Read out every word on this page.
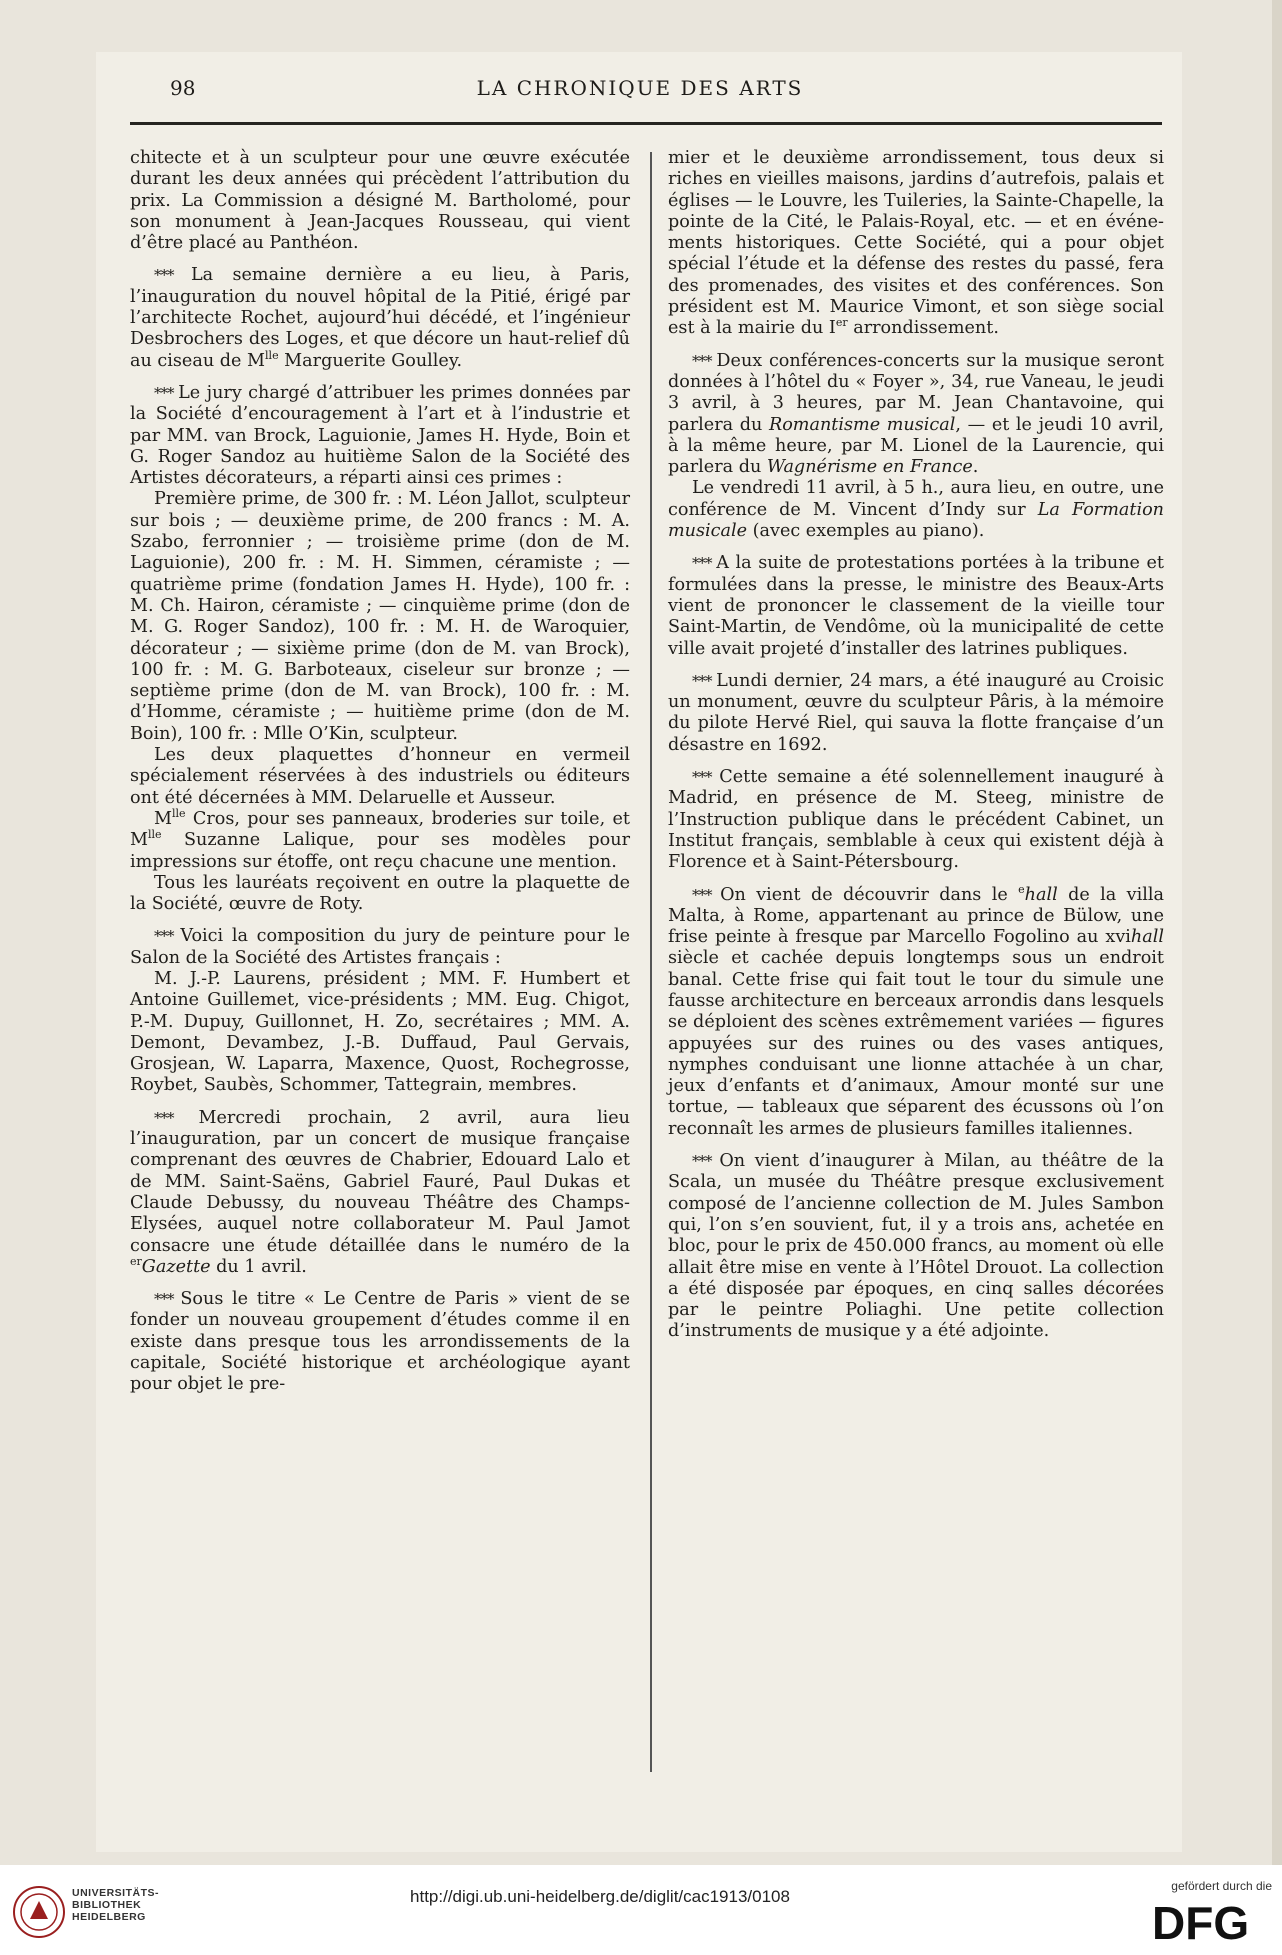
98	LA CHRONIQUE DES ARTS

chitecte et à un sculpteur pour une œuvre exécutée durant les deux années qui précèdent l’attribution du prix. La Commission a désigné M. Bartholomé, pour son monument à Jean-Jacques Rousseau, qui vient d’être placé au Panthéon.

*** La semaine dernière a eu lieu, à Paris, l’inauguration du nouvel hôpital de la Pitié, érigé par l’architecte Rochet, aujourd’hui décédé, et l’ingénieur Desbrochers des Loges, et que décore un haut-relief dû au ciseau de $M^{lle}$ Marguerite Goulley.

*** Le jury chargé d’attribuer les primes données par la Société d’encouragement à l’art et à l’industrie et par MM. van Brock, Laguionie, James H. Hyde, Boin et G. Roger Sandoz au huitième Salon de la Société des Artistes décorateurs, a réparti ainsi ces primes :

Première prime, de 300 fr. : M. Léon Jallot, sculpteur sur bois ; — deuxième prime, de 200 francs : M. A. Szabo, ferronnier ; — troisième prime (don de M. Laguionie), 200 fr. : M. H. Simmen, céramiste ; — quatrième prime (fondation James H. Hyde), 100 fr. : M. Ch. Hairon, céramiste ; — cinquième prime (don de M. G. Roger Sandoz), 100 fr. : M. H. de Waroquier, décorateur ; — sixième prime (don de M. van Brock), 100 fr. : M. G. Barboteaux, ciseleur sur bronze ; — septième prime (don de M. van Brock), 100 fr. : M. d’Homme, céramiste ; — huitième prime (don de M. Boin), 100 fr. : Mlle O’Kin, sculpteur.

Les deux plaquettes d’honneur en vermeil spécialement réservées à des industriels ou éditeurs ont été décernées à MM. Delaruelle et Ausseur.

$M^{lle}$ Cros, pour ses panneaux, broderies sur toile, et $M^{lle}$ Suzanne Lalique, pour ses modèles pour impressions sur étoffe, ont reçu chacune une mention.

Tous les lauréats reçoivent en outre la plaquette de la Société, œuvre de Roty.

*** Voici la composition du jury de peinture pour le Salon de la Société des Artistes français :

M. J.-P. Laurens, président ; MM. F. Humbert et Antoine Guillemet, vice-présidents ; MM. Eug. Chigot, P.-M. Dupuy, Guillonnet, H. Zo, secrétaires ; MM. A. Demont, Devambez, J.-B. Duffaud, Paul Gervais, Grosjean, W. Laparra, Maxence, Quost, Rochegrosse, Roybet, Saubès, Schommer, Tattegrain, membres.

*** Mercredi prochain, 2 avril, aura lieu l’inauguration, par un concert de musique française comprenant des œuvres de Chabrier, Edouard Lalo et de MM. Saint-Saëns, Gabriel Fauré, Paul Dukas et Claude Debussy, du nouveau Théâtre des Champs-Elysées, auquel notre collaborateur M. Paul Jamot consacre une étude détaillée dans le numéro de la $^{er}$Gazette du 1 avril.

*** Sous le titre « Le Centre de Paris » vient de se fonder un nouveau groupement d’études comme il en existe dans presque tous les arrondissements de la capitale, Société historique et archéologique ayant pour objet le pre-

mier et le deuxième arrondissement, tous deux si riches en vieilles maisons, jardins d’autrefois, palais et églises — le Louvre, les Tuileries, la Sainte-Chapelle, la pointe de la Cité, le Palais-Royal, etc. — et en événements historiques. Cette Société, qui a pour objet spécial l’étude et la défense des restes du passé, fera des promenades, des visites et des conférences. Son président est M. Maurice Vimont, et son siège social est à la mairie du Ier arrondissement.

*** Deux conférences-concerts sur la musique seront données à l’hôtel du « Foyer », 34, rue Vaneau, le jeudi 3 avril, à 3 heures, par M. Jean Chantavoine, qui parlera du Romantisme musical, — et le jeudi 10 avril, à la même heure, par M. Lionel de la Laurencie, qui parlera du Wagnérisme en France.

Le vendredi 11 avril, à 5 h., aura lieu, en outre, une conférence de M. Vincent d’Indy sur La Formation musicale (avec exemples au piano).

*** A la suite de protestations portées à la tribune et formulées dans la presse, le ministre des Beaux-Arts vient de prononcer le classement de la vieille tour Saint-Martin, de Vendôme, où la municipalité de cette ville avait projeté d’installer des latrines publiques.

*** Lundi dernier, 24 mars, a été inauguré au Croisic un monument, œuvre du sculpteur Pâris, à la mémoire du pilote Hervé Riel, qui sauva la flotte française d’un désastre en 1692.

*** Cette semaine a été solennellement inauguré à Madrid, en présence de M. Steeg, ministre de l’Instruction publique dans le précédent Cabinet, un Institut français, semblable à ceux qui existent déjà à Florence et à Saint-Pétersbourg.

*** On vient de découvrir dans le $^e$hall de la villa Malta, à Rome, appartenant au prince de Bülow, une frise peinte à fresque par Marcello Fogolino au xvihall siècle et cachée depuis longtemps sous un endroit banal. Cette frise qui fait tout le tour du simule une fausse architecture en berceaux arrondis dans lesquels se déploient des scènes extrêmement variées — figures appuyées sur des ruines ou des vases antiques, nymphes conduisant une lionne attachée à un char, jeux d’enfants et d’animaux, Amour monté sur une tortue, — tableaux que séparent des écussons où l’on reconnaît les armes de plusieurs familles italiennes.

*** On vient d’inaugurer à Milan, au théâtre de la Scala, un musée du Théâtre presque exclusivement composé de l’ancienne collection de M. Jules Sambon qui, l’on s’en souvient, fut, il y a trois ans, achetée en bloc, pour le prix de 450.000 francs, au moment où elle allait être mise en vente à l’Hôtel Drouot. La collection a été disposée par époques, en cinq salles décorées par le peintre Poliaghi. Une petite collection d’instruments de musique y a été adjointe.

UNIVERSITÄTS-
BIBLIOTHEK
HEIDELBERG
http://digi.ub.uni-heidelberg.de/diglit/cac1913/0108
gefördert durch die
DFG
